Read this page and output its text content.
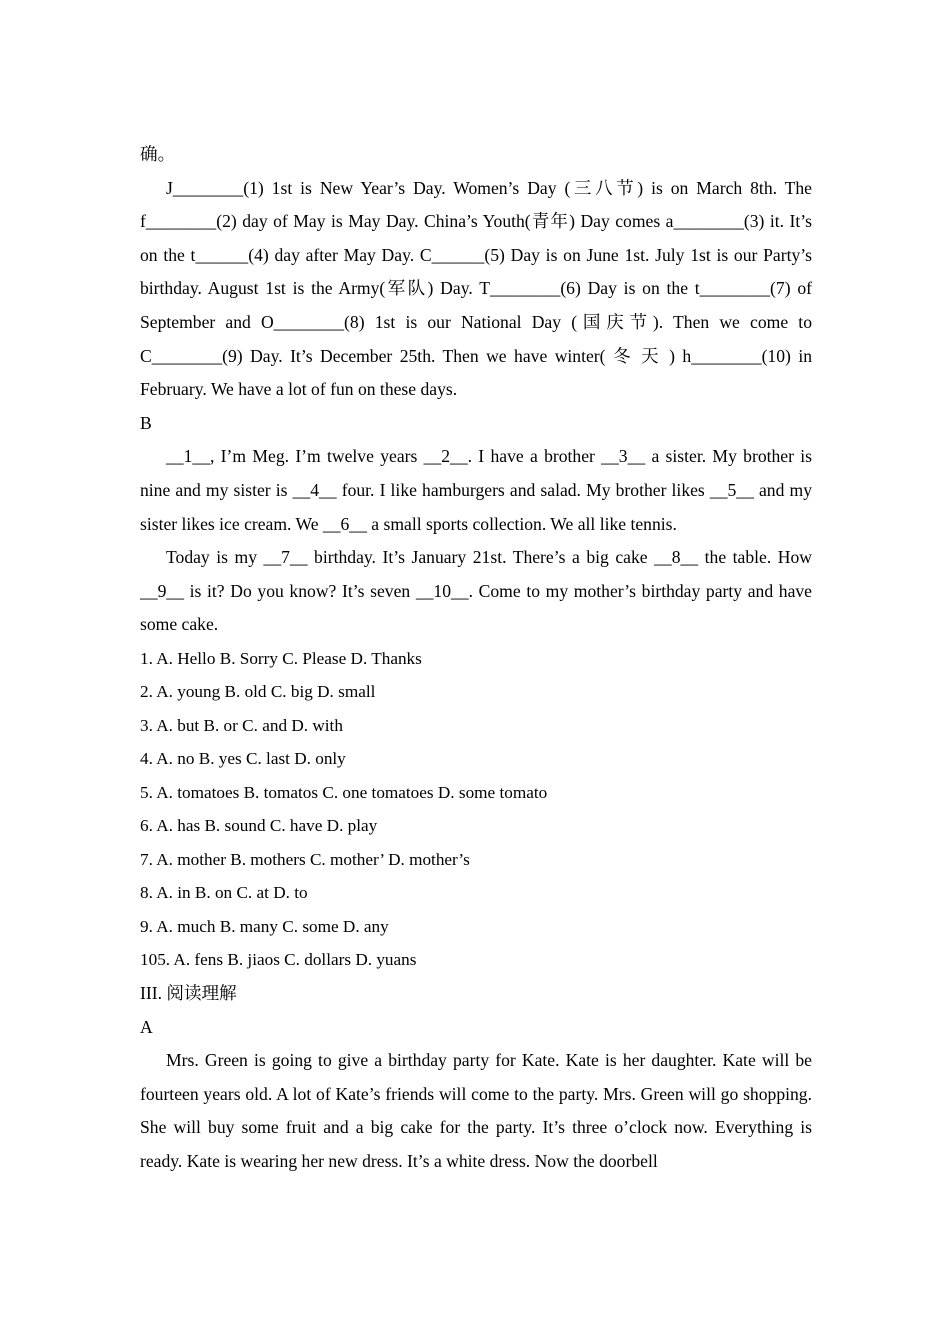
确。

J________(1) 1st is New Year’s Day. Women’s Day (三八节) is on March 8th. The f________(2) day of May is May Day. China’s Youth(青年) Day comes a________(3) it. It’s on the t______(4) day after May Day. C______(5) Day is on June 1st. July 1st is our Party’s birthday. August 1st is the Army(军队) Day. T________(6) Day is on the t________(7) of September and O________(8) 1st is our National Day (国庆节). Then we come to C________(9) Day. It’s December 25th. Then we have winter( 冬 天 ) h________(10) in February. We have a lot of fun on these days.

B

__1__, I’m Meg. I’m twelve years __2__. I have a brother __3__ a sister. My brother is nine and my sister is __4__ four. I like hamburgers and salad. My brother likes __5__ and my sister likes ice cream. We __6__ a small sports collection. We all like tennis.

Today is my __7__ birthday. It’s January 21st. There’s a big cake __8__ the table. How __9__ is it? Do you know? It’s seven __10__. Come to my mother’s birthday party and have some cake.

1. A. Hello B. Sorry C. Please D. Thanks

2. A. young B. old C. big D. small

3. A. but B. or C. and D. with

4. A. no B. yes C. last D. only

5. A. tomatoes B. tomatos C. one tomatoes D. some tomato

6. A. has B. sound C. have D. play

7. A. mother B. mothers C. mother’ D. mother’s

8. A. in B. on C. at D. to

9. A. much B. many C. some D. any

105. A. fens B. jiaos C. dollars D. yuans

III. 阅读理解

A

Mrs. Green is going to give a birthday party for Kate. Kate is her daughter. Kate will be fourteen years old. A lot of Kate’s friends will come to the party. Mrs. Green will go shopping. She will buy some fruit and a big cake for the party. It’s three o’clock now. Everything is ready. Kate is wearing her new dress. It’s a white dress. Now the doorbell
